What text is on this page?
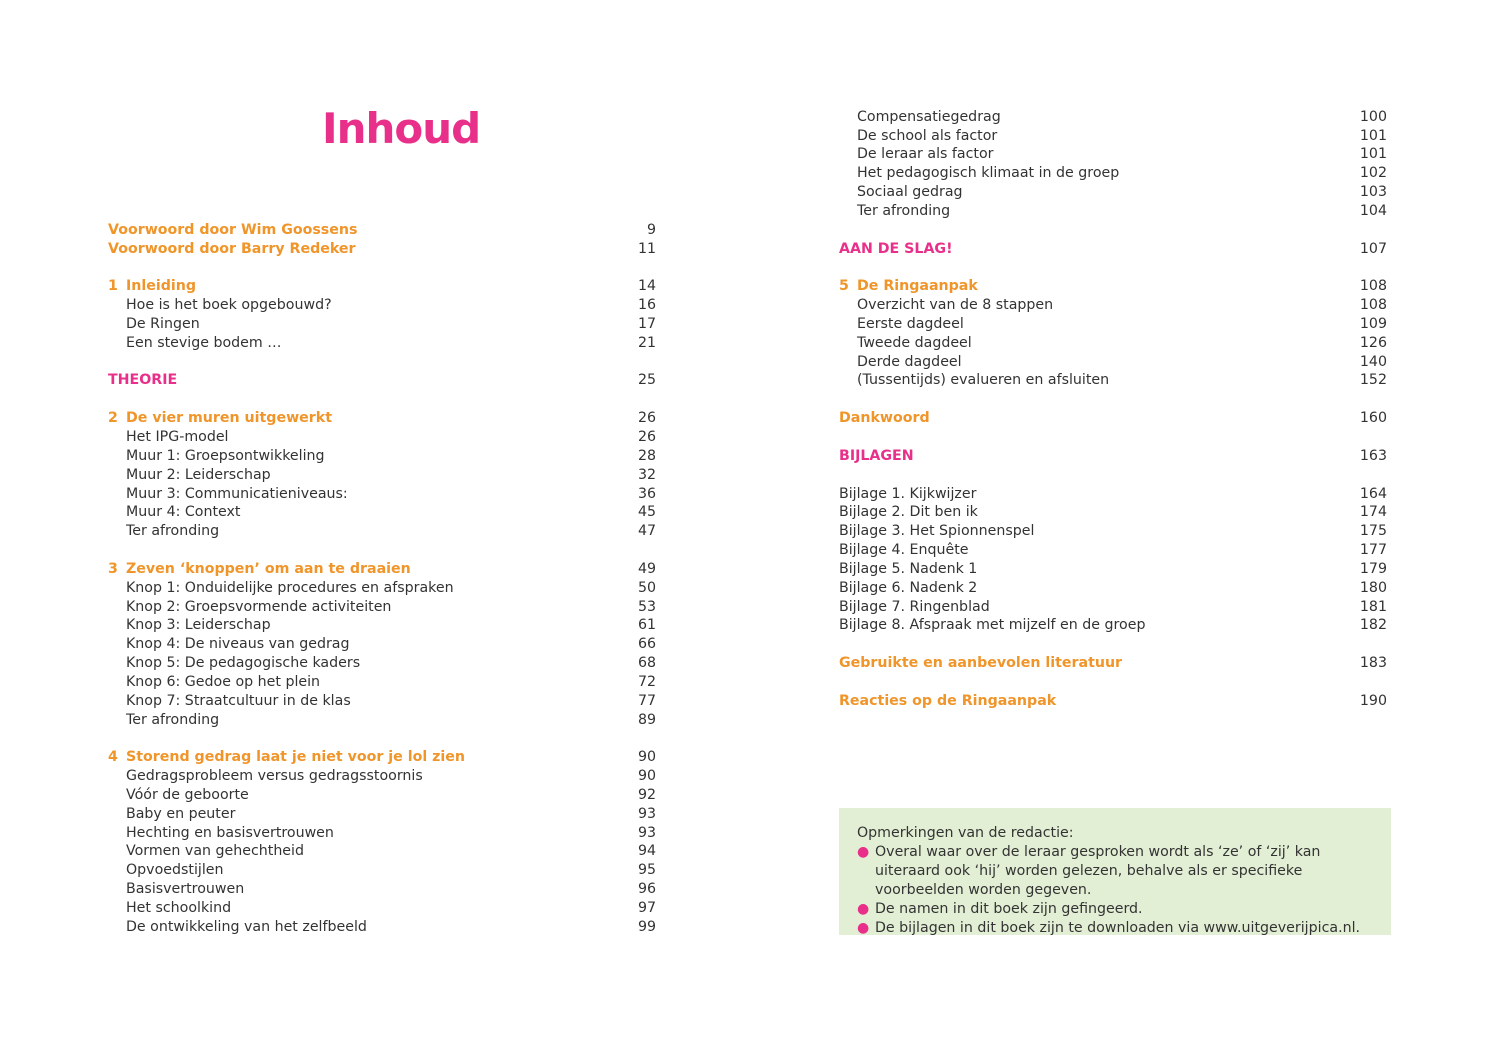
Inhoud
Voorwoord door Wim Goossens	9
Voorwoord door Barry Redeker	11
1 Inleiding	14
Hoe is het boek opgebouwd?	16
De Ringen	17
Een stevige bodem …	21
THEORIE	25
2 De vier muren uitgewerkt	26
Het IPG-model	26
Muur 1: Groepsontwikkeling	28
Muur 2: Leiderschap	32
Muur 3: Communicatieniveaus:	36
Muur 4: Context	45
Ter afronding	47
3 Zeven ‘knoppen’ om aan te draaien	49
Knop 1: Onduidelijke procedures en afspraken	50
Knop 2: Groepsvormende activiteiten	53
Knop 3: Leiderschap	61
Knop 4: De niveaus van gedrag	66
Knop 5: De pedagogische kaders	68
Knop 6: Gedoe op het plein	72
Knop 7: Straatcultuur in de klas	77
Ter afronding	89
4 Storend gedrag laat je niet voor je lol zien	90
Gedragsprobleem versus gedragsstoornis	90
Vóór de geboorte	92
Baby en peuter	93
Hechting en basisvertrouwen	93
Vormen van gehechtheid	94
Opvoedstijlen	95
Basisvertrouwen	96
Het schoolkind	97
De ontwikkeling van het zelfbeeld	99
Compensatiegedrag	100
De school als factor	101
De leraar als factor	101
Het pedagogisch klimaat in de groep	102
Sociaal gedrag	103
Ter afronding	104
AAN DE SLAG!	107
5 De Ringaanpak	108
Overzicht van de 8 stappen	108
Eerste dagdeel	109
Tweede dagdeel	126
Derde dagdeel	140
(Tussentijds) evalueren en afsluiten	152
Dankwoord	160
BIJLAGEN	163
Bijlage 1. Kijkwijzer	164
Bijlage 2. Dit ben ik	174
Bijlage 3. Het Spionnenspel	175
Bijlage 4. Enquête	177
Bijlage 5. Nadenk 1	179
Bijlage 6. Nadenk 2	180
Bijlage 7. Ringenblad	181
Bijlage 8. Afspraak met mijzelf en de groep	182
Gebruikte en aanbevolen literatuur	183
Reacties op de Ringaanpak	190
Opmerkingen van de redactie:
● Overal waar over de leraar gesproken wordt als ‘ze’ of ‘zij’ kan uiteraard ook ‘hij’ worden gelezen, behalve als er specifieke voorbeelden worden gegeven.
● De namen in dit boek zijn gefingeerd.
● De bijlagen in dit boek zijn te downloaden via www.uitgeverijpica.nl.
